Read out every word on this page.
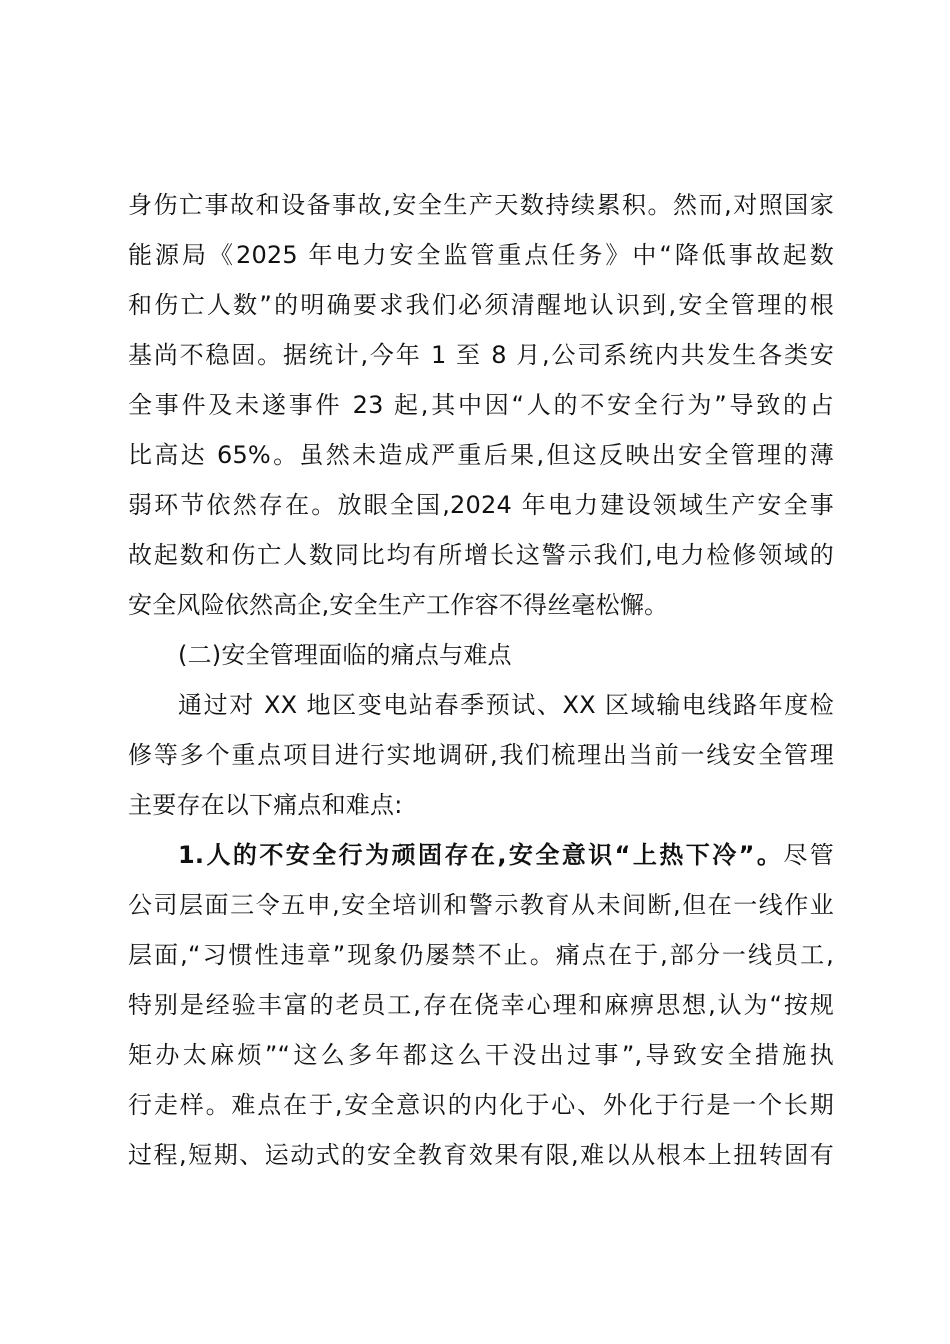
身伤亡事故和设备事故,安全生产天数持续累积。然而,对照国家
能源局《2025 年电力安全监管重点任务》中“降低事故起数
和伤亡人数”的明确要求我们必须清醒地认识到,安全管理的根
基尚不稳固。据统计,今年 1 至 8 月,公司系统内共发生各类安
全事件及未遂事件 23 起,其中因“人的不安全行为”导致的占
比高达 65%。虽然未造成严重后果,但这反映出安全管理的薄
弱环节依然存在。放眼全国,2024 年电力建设领域生产安全事
故起数和伤亡人数同比均有所增长这警示我们,电力检修领域的
安全风险依然高企,安全生产工作容不得丝毫松懈。
(二)安全管理面临的痛点与难点
通过对 XX 地区变电站春季预试、XX 区域输电线路年度检
修等多个重点项目进行实地调研,我们梳理出当前一线安全管理
主要存在以下痛点和难点:
1.人的不安全行为顽固存在,安全意识“上热下冷”。尽管
公司层面三令五申,安全培训和警示教育从未间断,但在一线作业
层面,“习惯性违章”现象仍屡禁不止。痛点在于,部分一线员工,
特别是经验丰富的老员工,存在侥幸心理和麻痹思想,认为“按规
矩办太麻烦”“这么多年都这么干没出过事”,导致安全措施执
行走样。难点在于,安全意识的内化于心、外化于行是一个长期
过程,短期、运动式的安全教育效果有限,难以从根本上扭转固有
